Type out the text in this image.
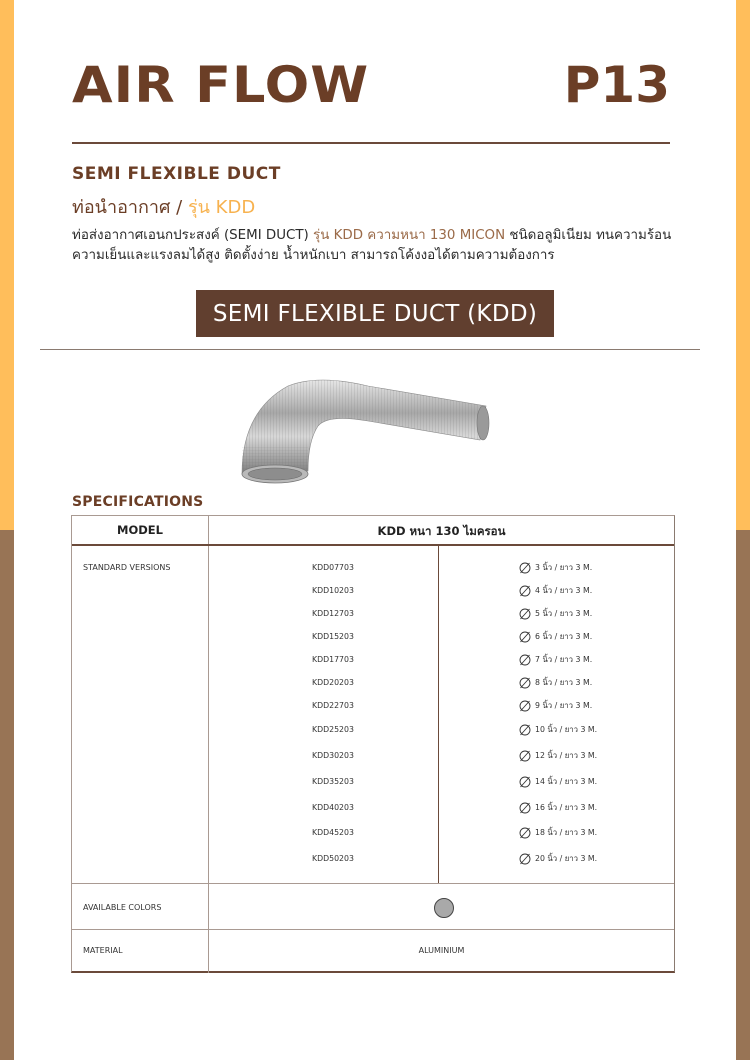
AIR FLOW	P13
SEMI FLEXIBLE DUCT
ท่อนำอากาศ / รุ่น KDD
ท่อส่งอากาศเอนกประสงค์ (SEMI DUCT) รุ่น KDD ความหนา 130 MICON ชนิดอลูมิเนียม ทนความร้อน
ความเย็นและแรงลมได้สูง ติดตั้งง่าย น้ำหนักเบา สามารถโค้งงอได้ตามความต้องการ
SEMI FLEXIBLE DUCT (KDD)
SPECIFICATIONS
MODEL	KDD หนา 130 ไมครอน
STANDARD VERSIONS	KDD07703	3 นิ้ว / ยาว 3 M.
KDD10203	4 นิ้ว / ยาว 3 M.
KDD12703	5 นิ้ว / ยาว 3 M.
KDD15203	6 นิ้ว / ยาว 3 M.
KDD17703	7 นิ้ว / ยาว 3 M.
KDD20203	8 นิ้ว / ยาว 3 M.
KDD22703	9 นิ้ว / ยาว 3 M.
KDD25203	10 นิ้ว / ยาว 3 M.
KDD30203	12 นิ้ว / ยาว 3 M.
KDD35203	14 นิ้ว / ยาว 3 M.
KDD40203	16 นิ้ว / ยาว 3 M.
KDD45203	18 นิ้ว / ยาว 3 M.
KDD50203	20 นิ้ว / ยาว 3 M.
AVAILABLE COLORS
MATERIAL	ALUMINIUM
